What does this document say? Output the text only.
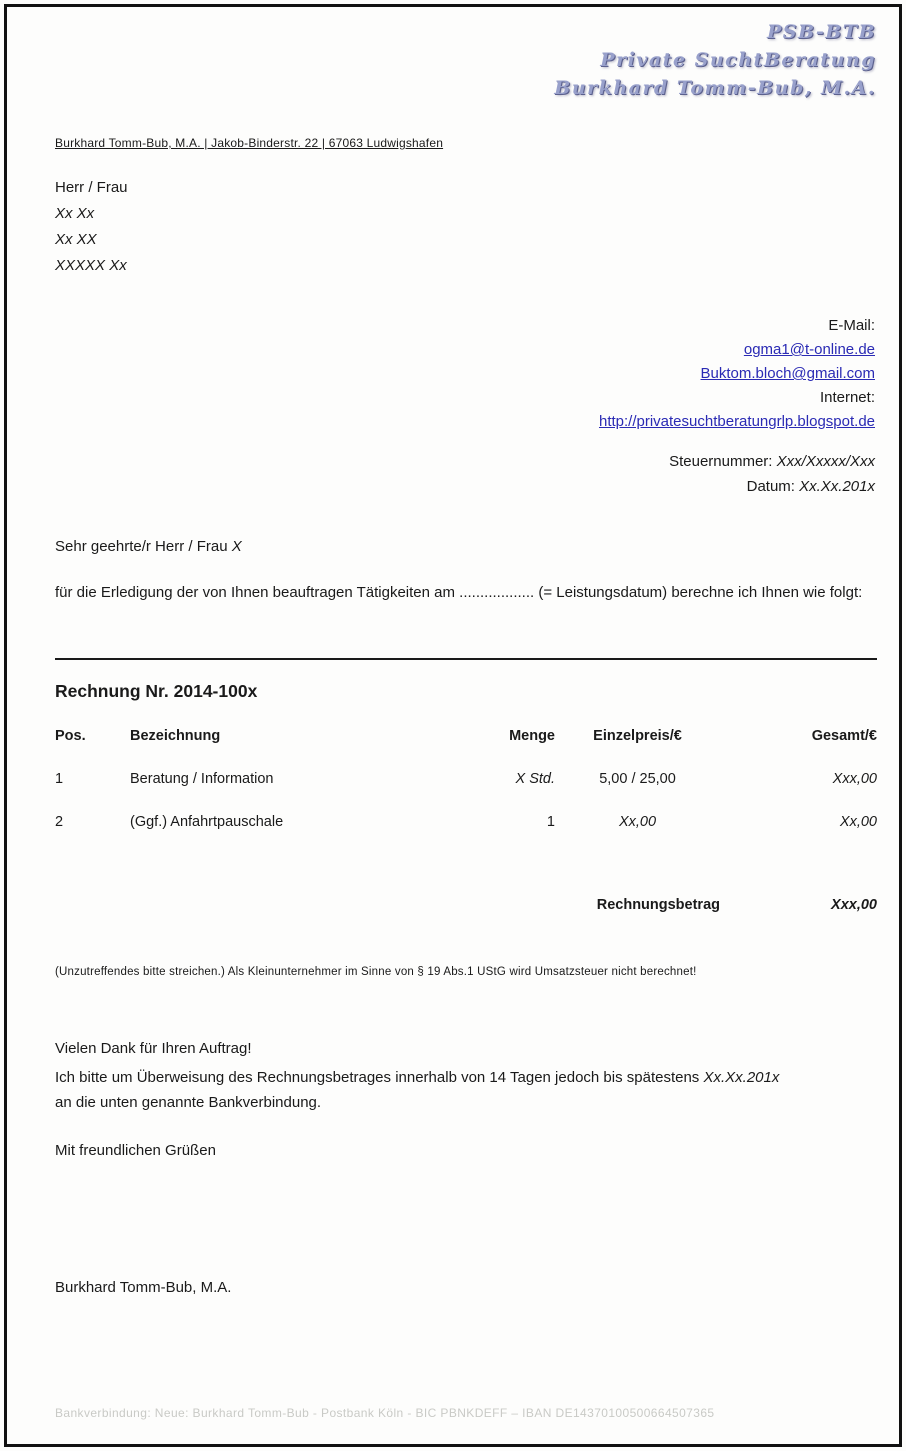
PSB-BTB
Private SuchtBeratung
Burkhard Tomm-Bub, M.A.
Burkhard Tomm-Bub, M.A. | Jakob-Binderstr. 22 | 67063 Ludwigshafen
Herr / Frau
Xx Xx
Xx XX
XXXXX Xx
E-Mail:
ogma1@t-online.de
Buktom.bloch@gmail.com
Internet:
http://privatesuchtberatungrlp.blogspot.de
Steuernummer: Xxx/Xxxxx/Xxx
Datum: Xx.Xx.201x
Sehr geehrte/r Herr / Frau X
für die Erledigung der von Ihnen beauftragen Tätigkeiten am .................. (= Leistungsdatum) berechne ich Ihnen wie folgt:
Rechnung Nr. 2014-100x
Pos.	Bezeichnung	Menge	Einzelpreis/€	Gesamt/€
1	Beratung / Information	X Std.	5,00 / 25,00	Xxx,00
2	(Ggf.) Anfahrtpauschale	1	Xx,00	Xx,00
Rechnungsbetrag	Xxx,00
(Unzutreffendes bitte streichen.) Als Kleinunternehmer im Sinne von § 19 Abs.1 UStG wird Umsatzsteuer nicht berechnet!
Vielen Dank für Ihren Auftrag!
Ich bitte um Überweisung des Rechnungsbetrages innerhalb von 14 Tagen jedoch bis spätestens Xx.Xx.201x
an die unten genannte Bankverbindung.
Mit freundlichen Grüßen
Burkhard Tomm-Bub, M.A.
Bankverbindung: Neue: Burkhard Tomm-Bub - Postbank Köln - BIC PBNKDEFF – IBAN DE14370100500664507365
